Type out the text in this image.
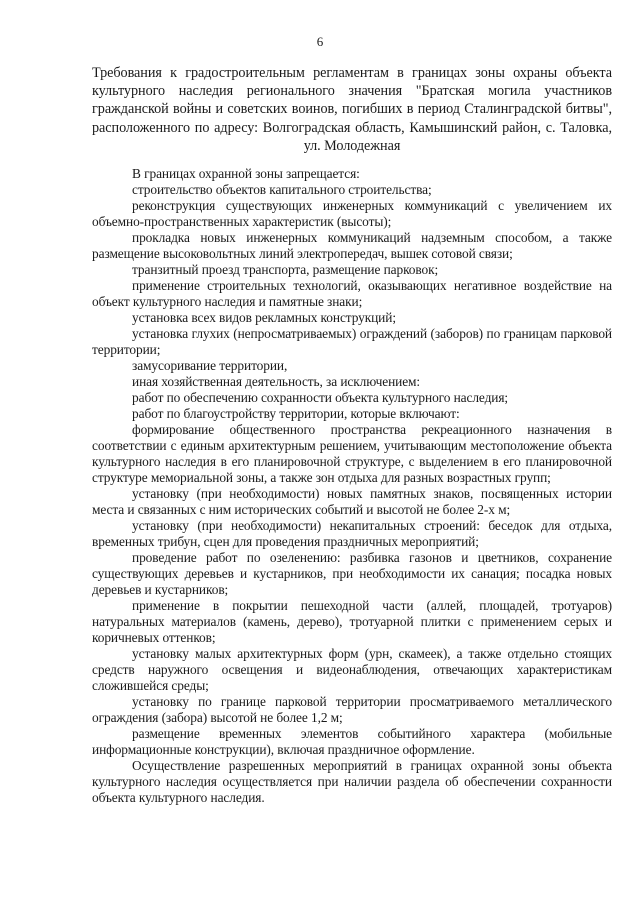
6
Требования к градостроительным регламентам в границах зоны охраны объекта культурного наследия регионального значения "Братская могила участников гражданской войны и советских воинов, погибших в период Сталинградской битвы", расположенного по адресу: Волгоградская область, Камышинский район, с. Таловка, ул. Молодежная

В границах охранной зоны запрещается:

строительство объектов капитального строительства;

реконструкция существующих инженерных коммуникаций с увеличением их объемно-пространственных характеристик (высоты);

прокладка новых инженерных коммуникаций надземным способом, а также размещение высоковольтных линий электропередач, вышек сотовой связи;

транзитный проезд транспорта, размещение парковок;

применение строительных технологий, оказывающих негативное воздействие на объект культурного наследия и памятные знаки;

установка всех видов рекламных конструкций;

установка глухих (непросматриваемых) ограждений (заборов) по границам парковой территории;

замусоривание территории,

иная хозяйственная деятельность, за исключением:

работ по обеспечению сохранности объекта культурного наследия;

работ по благоустройству территории, которые включают:

формирование общественного пространства рекреационного назначения в соответствии с единым архитектурным решением, учитывающим местоположение объекта культурного наследия в его планировочной структуре, с выделением в его планировочной структуре мемориальной зоны, а также зон отдыха для разных возрастных групп;

установку (при необходимости) новых памятных знаков, посвященных истории места и связанных с ним исторических событий и высотой не более 2-х м;

установку (при необходимости) некапитальных строений: беседок для отдыха, временных трибун, сцен для проведения праздничных мероприятий;

проведение работ по озеленению: разбивка газонов и цветников, сохранение существующих деревьев и кустарников, при необходимости их санация; посадка новых деревьев и кустарников;

применение в покрытии пешеходной части (аллей, площадей, тротуаров) натуральных материалов (камень, дерево), тротуарной плитки с применением серых и коричневых оттенков;

установку малых архитектурных форм (урн, скамеек), а также отдельно стоящих средств наружного освещения и видеонаблюдения, отвечающих характеристикам сложившейся среды;

установку по границе парковой территории просматриваемого металлического ограждения (забора) высотой не более 1,2 м;

размещение временных элементов событийного характера (мобильные информационные конструкции), включая праздничное оформление.

Осуществление разрешенных мероприятий в границах охранной зоны объекта культурного наследия осуществляется при наличии раздела об обеспечении сохранности объекта культурного наследия.
